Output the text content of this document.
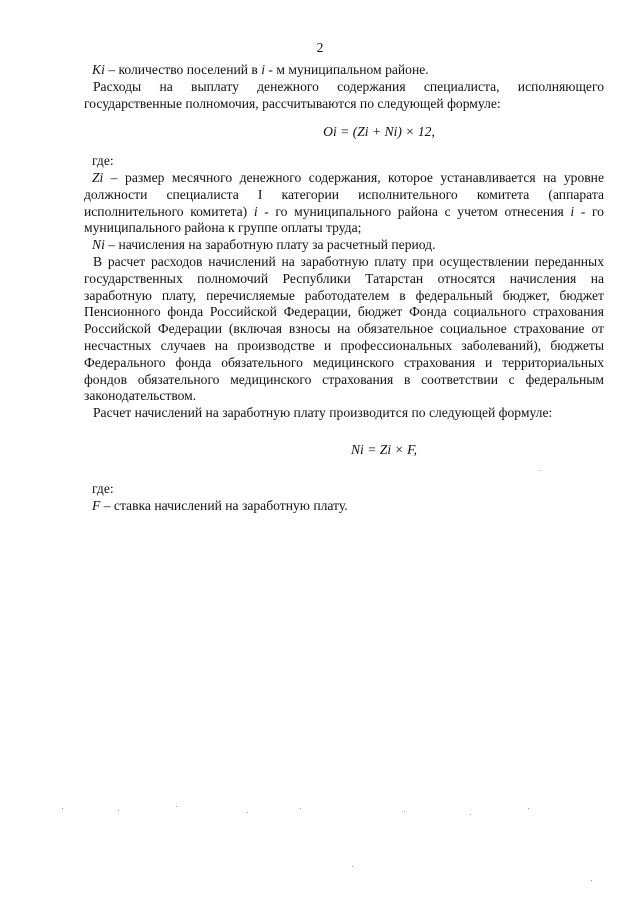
2

Ki – количество поселений в i - м муниципальном районе.

Расходы на выплату денежного содержания специалиста, исполняющего государственные полномочия, рассчитываются по следующей формуле:

Oi = (Zi + Ni) × 12,

где:

Zi – размер месячного денежного содержания, которое устанавливается на уровне должности специалиста I категории исполнительного комитета (аппарата исполнительного комитета) i - го муниципального района с учетом отнесения i - го муниципального района к группе оплаты труда;

Ni – начисления на заработную плату за расчетный период.

В расчет расходов начислений на заработную плату при осуществлении переданных государственных полномочий Республики Татарстан относятся начисления на заработную плату, перечисляемые работодателем в федеральный бюджет, бюджет Пенсионного фонда Российской Федерации, бюджет Фонда социального страхования Российской Федерации (включая взносы на обязательное социальное страхование от несчастных случаев на производстве и профессиональных заболеваний), бюджеты Федерального фонда обязательного медицинского страхования и территориальных фондов обязательного медицинского страхования в соответствии с федеральным законодательством.

Расчет начислений на заработную плату производится по следующей формуле:

Ni = Zi × F,

где:

F – ставка начислений на заработную плату.
